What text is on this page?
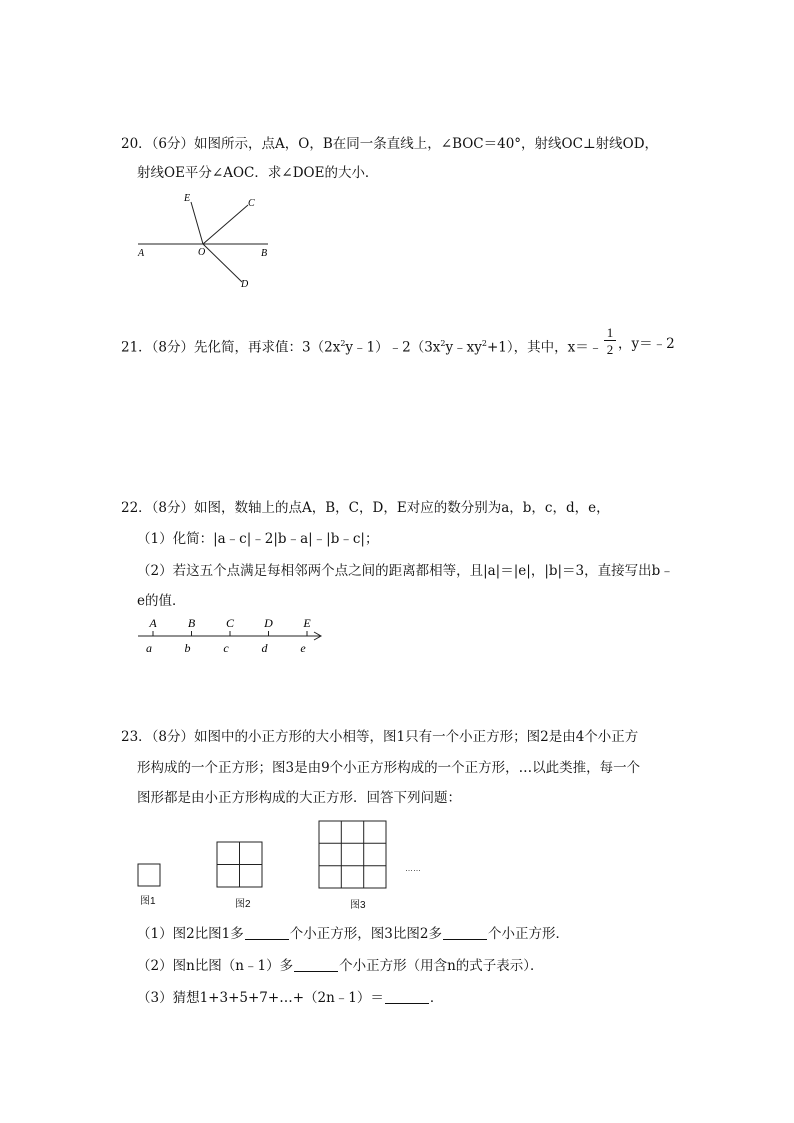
20．（6分）如图所示，点A，O，B在同一条直线上，∠BOC＝40°，射线OC⊥射线OD，
射线OE平分∠AOC．求∠DOE的大小．
A	O	B
C
D
E
21．（8分）先化简，再求值：$3(2x^2y﹣1)﹣2(3x^2y﹣xy^2+1)$，其中，x＝﹣
1
2 ，y＝﹣2
22．（8分）如图，数轴上的点A，B，C，D，E对应的数分别为a，b，c，d，e，
（1）化简：|a﹣c|﹣2|b﹣a|﹣|b﹣c|；
（2）若这五个点满足每相邻两个点之间的距离都相等，且|a|＝|e|，|b|＝3，直接写出b﹣
e的值．
A
a
B
b
C
c
D
d
E
e
23．（8分）如图中的小正方形的大小相等，图1只有一个小正方形；图2是由4个小正方
形构成的一个正方形；图3是由9个小正方形构成的一个正方形，…以此类推，每一个
图形都是由小正方形构成的大正方形．回答下列问题：
图1	图2	图3
……
（1）图2比图1多	个小正方形，图3比图2多	个小正方形．
（2）图n比图（n﹣1）多	个小正方形（用含n的式子表示）．
（3）猜想1+3+5+7+…+（2n﹣1）＝	．
